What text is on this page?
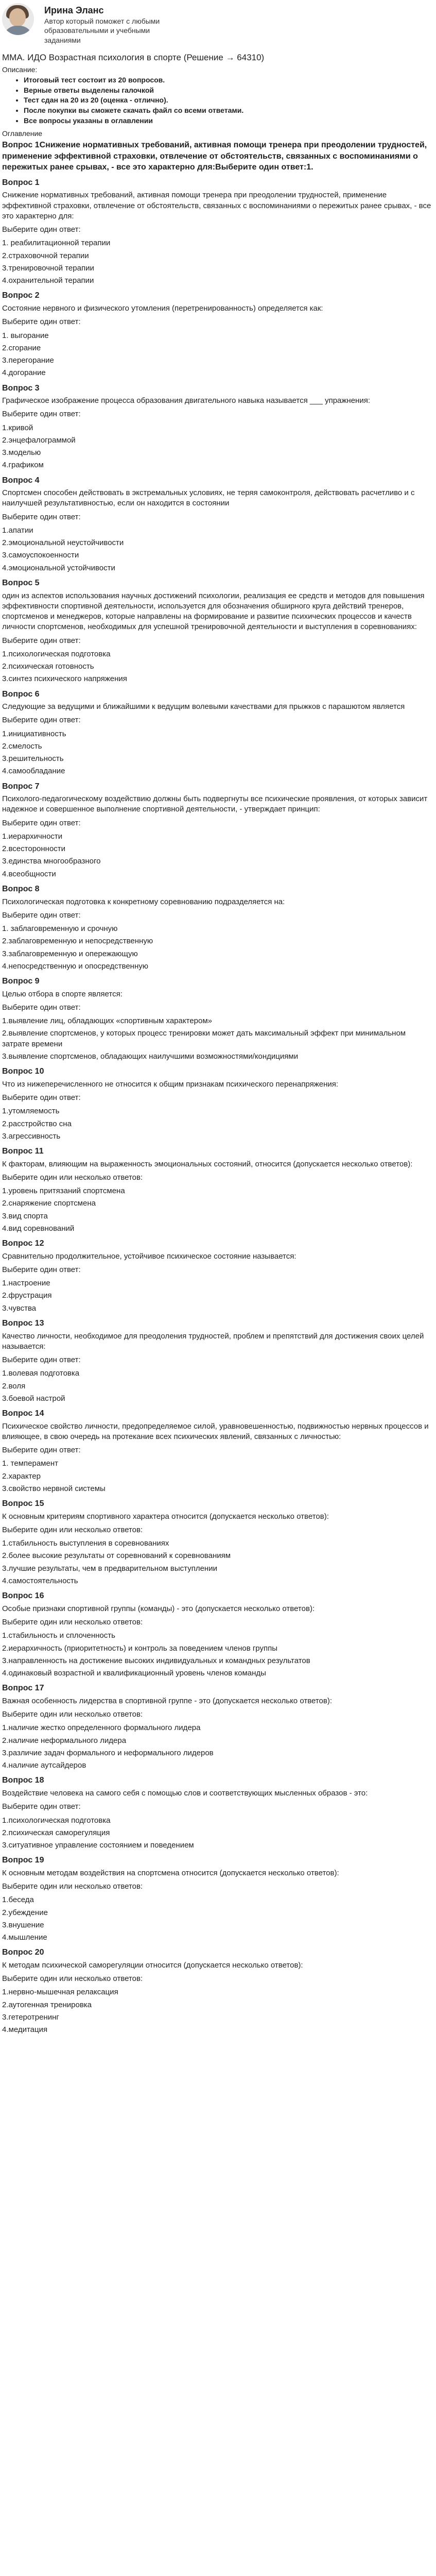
Ирина Эланс
Автор который поможет с любыми образовательными и учебными заданиями
ММА. ИДО Возрастная психология в спорте (Решение → 64310)
Описание:
• Итоговый тест состоит из 20 вопросов.
• Верные ответы выделены галочкой
• Тест сдан на 20 из 20 (оценка - отлично).
• После покупки вы сможете скачать файл со всеми ответами.
• Все вопросы указаны в оглавлении
Оглавление
Вопрос 1Снижение нормативных требований, активная помощи тренера при преодолении трудностей, применение эффективной страховки, отвлечение от обстоятельств, связанных с воспоминаниями о пережитых ранее срывах, - все это характерно для:Выберите один ответ:1.
Вопрос 1
Снижение нормативных требований, активная помощи тренера при преодолении трудностей, применение эффективной страховки, отвлечение от обстоятельств, связанных с воспоминаниями о пережитых ранее срывах, - все это характерно для:
Выберите один ответ:
1. реабилитационной терапии
2.страховочной терапии
3.тренировочной терапии
4.охранительной терапии
Вопрос 2
Состояние нервного и физического утомления (перетренированность) определяется как:
Выберите один ответ:
1. выгорание
2.сгорание
3.перегорание
4.догорание
Вопрос 3
Графическое изображение процесса образования двигательного навыка называется ___ упражнения:
Выберите один ответ:
1.кривой
2.энцефалограммой
3.моделью
4.графиком
Вопрос 4
Спортсмен способен действовать в экстремальных условиях, не теряя самоконтроля, действовать расчетливо и с наилучшей результативностью, если он находится в состоянии
Выберите один ответ:
1.апатии
2.эмоциональной неустойчивости
3.самоуспокоенности
4.эмоциональной устойчивости
Вопрос 5
один из аспектов использования научных достижений психологии, реализация ее средств и методов для повышения эффективности спортивной деятельности, используется для обозначения обширного круга действий тренеров, спортсменов и менеджеров, которые направлены на формирование и развитие психических процессов и качеств личности спортсменов, необходимых для успешной тренировочной деятельности и выступления в соревнованиях:
Выберите один ответ:
1.психологическая подготовка
2.психическая готовность
3.синтез психического напряжения
Вопрос 6
Следующие за ведущими и ближайшими к ведущим волевыми качествами для прыжков с парашютом является
Выберите один ответ:
1.инициативность
2.смелость
3.решительность
4.самообладание
Вопрос 7
Психолого-педагогическому воздействию должны быть подвергнуты все психические проявления, от которых зависит надежное и совершенное выполнение спортивной деятельности, - утверждает принцип:
Выберите один ответ:
1.иерархичности
2.всесторонности
3.единства многообразного
4.всеобщности
Вопрос 8
Психологическая подготовка к конкретному соревнованию подразделяется на:
Выберите один ответ:
1. заблаговременную и срочную
2.заблаговременную и непосредственную
3.заблаговременную и опережающую
4.непосредственную и опосредственную
Вопрос 9
Целью отбора в спорте является:
Выберите один ответ:
1.выявление лиц, обладающих «спортивным характером»
2.выявление спортсменов, у которых процесс тренировки может дать максимальный эффект при минимальном затрате времени
3.выявление спортсменов, обладающих наилучшими возможностями/кондициями
Вопрос 10
Что из нижеперечисленного не относится к общим признакам психического перенапряжения:
Выберите один ответ:
1.утомляемость
2.расстройство сна
3.агрессивность
Вопрос 11
К факторам, влияющим на выраженность эмоциональных состояний, относится (допускается несколько ответов):
Выберите один или несколько ответов:
1.уровень притязаний спортсмена
2.снаряжение спортсмена
3.вид спорта
4.вид соревнований
Вопрос 12
Сравнительно продолжительное, устойчивое психическое состояние называется:
Выберите один ответ:
1.настроение
2.фрустрация
3.чувства
Вопрос 13
Качество личности, необходимое для преодоления трудностей, проблем и препятствий для достижения своих целей называется:
Выберите один ответ:
1.волевая подготовка
2.воля
3.боевой настрой
Вопрос 14
Психическое свойство личности, предопределяемое силой, уравновешенностью, подвижностью нервных процессов и влияющее, в свою очередь на протекание всех психических явлений, связанных с личностью:
Выберите один ответ:
1. темперамент
2.характер
3.свойство нервной системы
Вопрос 15
К основным критериям спортивного характера относится (допускается несколько ответов):
Выберите один или несколько ответов:
1.стабильность выступления в соревнованиях
2.более высокие результаты от соревнований к соревнованиям
3.лучшие результаты, чем в предварительном выступлении
4.самостоятельность
Вопрос 16
Особые признаки спортивной группы (команды) - это (допускается несколько ответов):
Выберите один или несколько ответов:
1.стабильность и сплоченность
2.иерархичность (приоритетность) и контроль за поведением членов группы
3.направленность на достижение высоких индивидуальных и командных результатов
4.одинаковый возрастной и квалификационный уровень членов команды
Вопрос 17
Важная особенность лидерства в спортивной группе - это (допускается несколько ответов):
Выберите один или несколько ответов:
1.наличие жестко определенного формального лидера
2.наличие неформального лидера
3.различие задач формального и неформального лидеров
4.наличие аутсайдеров
Вопрос 18
Воздействие человека на самого себя с помощью слов и соответствующих мысленных образов - это:
Выберите один ответ:
1.психологическая подготовка
2.психическая саморегуляция
3.ситуативное управление состоянием и поведением
Вопрос 19
К основным методам воздействия на спортсмена относится (допускается несколько ответов):
Выберите один или несколько ответов:
1.беседа
2.убеждение
3.внушение
4.мышление
Вопрос 20
К методам психической саморегуляции относится (допускается несколько ответов):
Выберите один или несколько ответов:
1.нервно-мышечная релаксация
2.аутогенная тренировка
3.гетеротренинг
4.медитация
